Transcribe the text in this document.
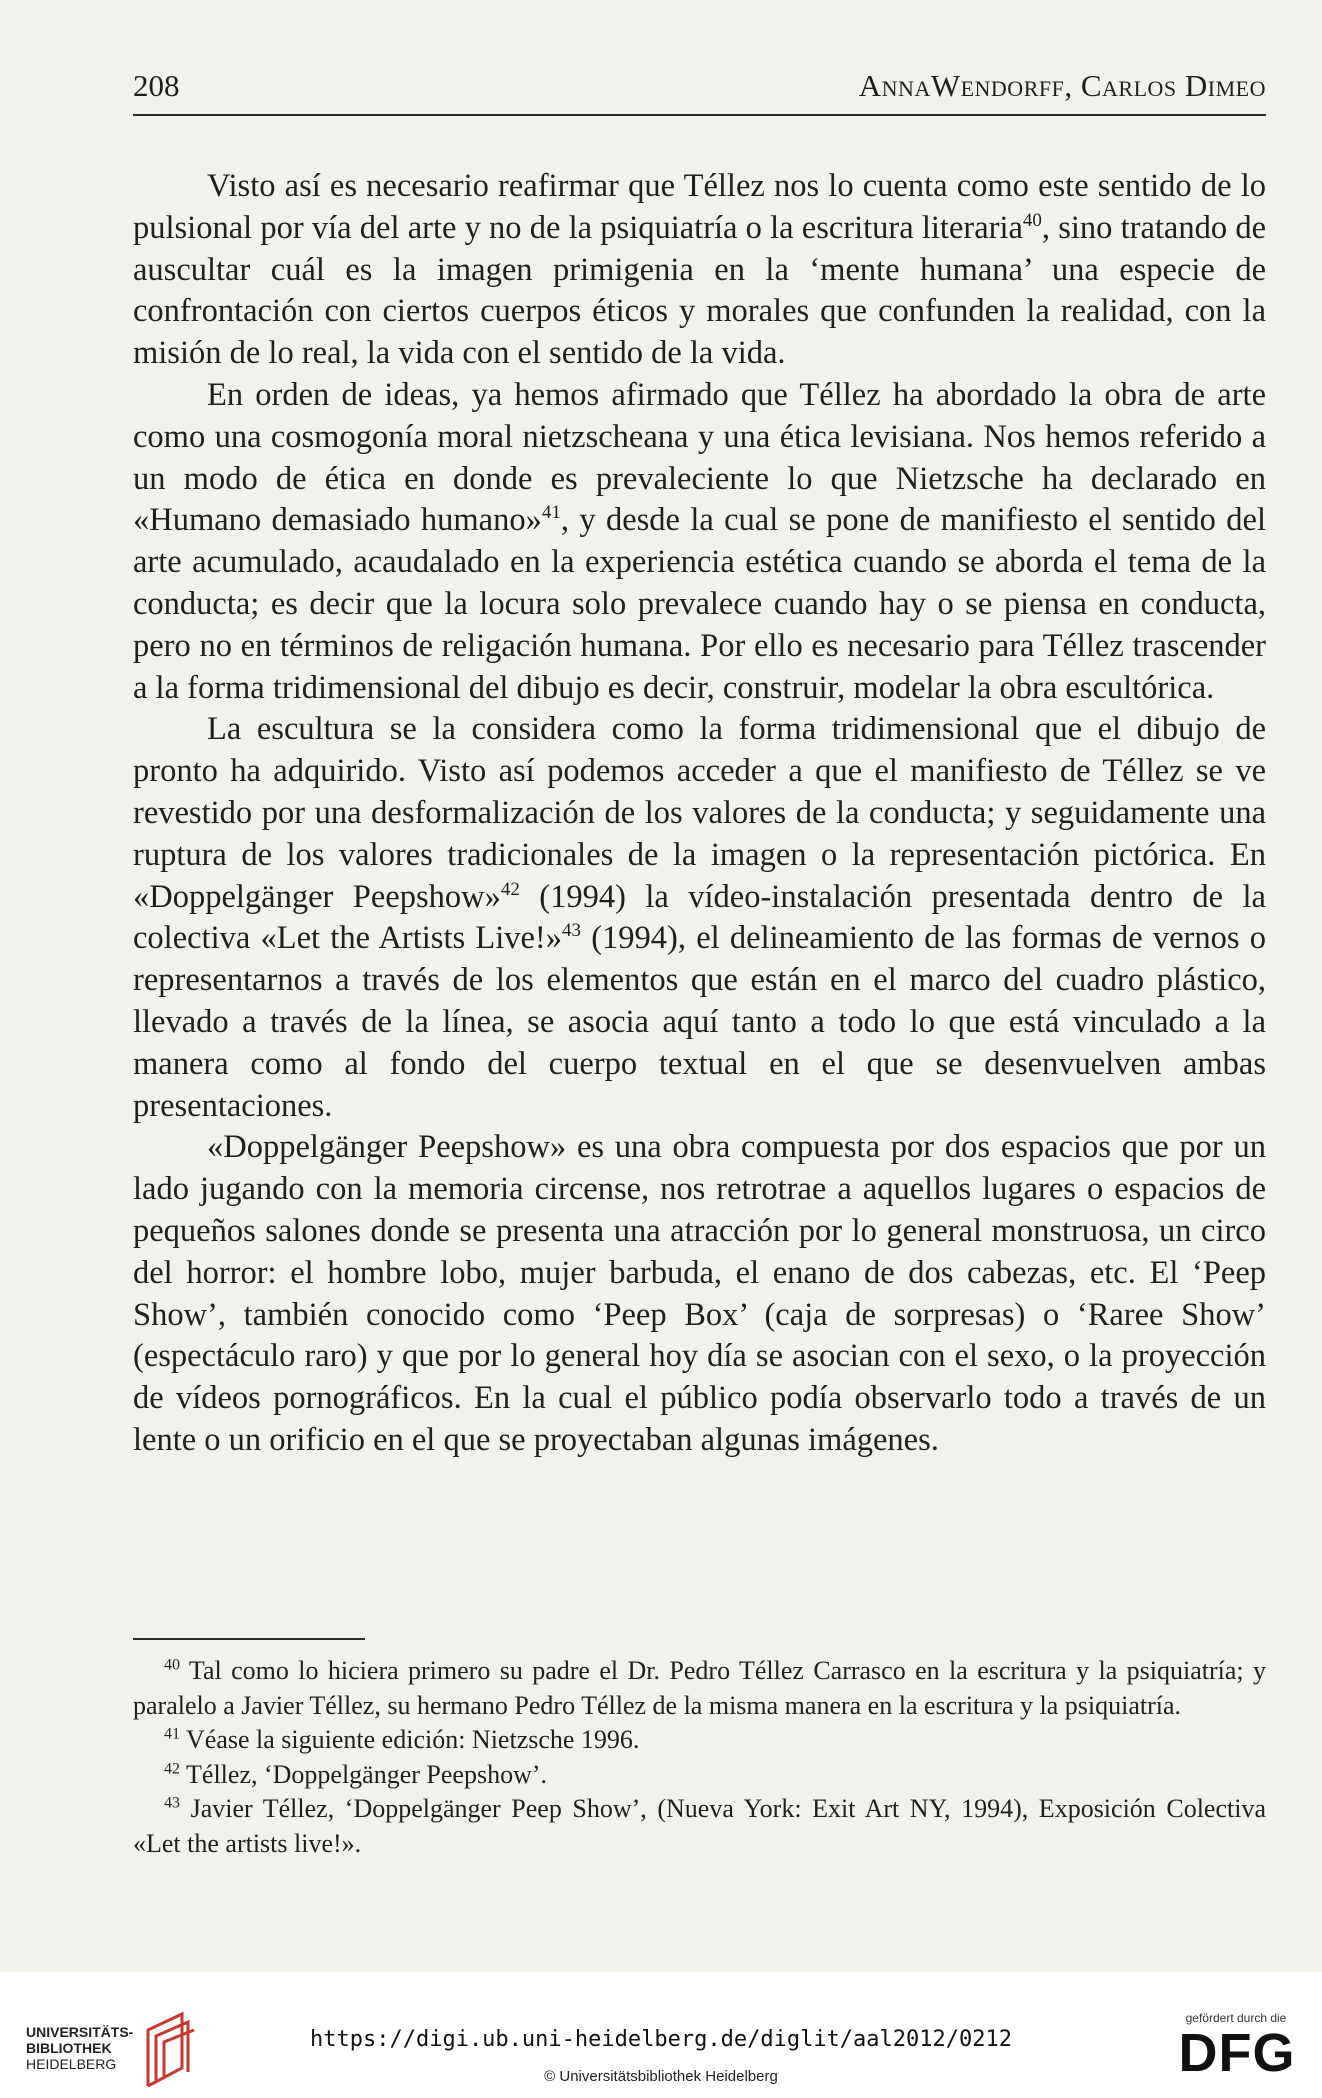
208	AnnaWendorff, Carlos Dimeo

Visto así es necesario reafirmar que Téllez nos lo cuenta como este sentido de lo pulsional por vía del arte y no de la psiquiatría o la escritura literaria$^{40}$, sino tratando de auscultar cuál es la imagen primigenia en la ‘mente humana’ una especie de confrontación con ciertos cuerpos éticos y morales que confunden la realidad, con la misión de lo real, la vida con el sentido de la vida.

En orden de ideas, ya hemos afirmado que Téllez ha abordado la obra de arte como una cosmogonía moral nietzscheana y una ética levisiana. Nos hemos referido a un modo de ética en donde es prevaleciente lo que Nietzsche ha declarado en «Humano demasiado humano»$^{41}$, y desde la cual se pone de manifiesto el sentido del arte acumulado, acaudalado en la experiencia estética cuando se aborda el tema de la conducta; es decir que la locura solo prevalece cuando hay o se piensa en conducta, pero no en términos de religación humana. Por ello es necesario para Téllez trascender a la forma tridimensional del dibujo es decir, construir, modelar la obra escultórica.

La escultura se la considera como la forma tridimensional que el dibujo de pronto ha adquirido. Visto así podemos acceder a que el manifiesto de Téllez se ve revestido por una desformalización de los valores de la conducta; y seguidamente una ruptura de los valores tradicionales de la imagen o la representación pictórica. En «Doppelgänger Peepshow»$^{42}$ (1994) la vídeo-instalación presentada dentro de la colectiva «Let the Artists Live!»$^{43}$ (1994), el delineamiento de las formas de vernos o representarnos a través de los elementos que están en el marco del cuadro plástico, llevado a través de la línea, se asocia aquí tanto a todo lo que está vinculado a la manera como al fondo del cuerpo textual en el que se desenvuelven ambas presentaciones.

«Doppelgänger Peepshow» es una obra compuesta por dos espacios que por un lado jugando con la memoria circense, nos retrotrae a aquellos lugares o espacios de pequeños salones donde se presenta una atracción por lo general monstruosa, un circo del horror: el hombre lobo, mujer barbuda, el enano de dos cabezas, etc. El ‘Peep Show’, también conocido como ‘Peep Box’ (caja de sorpresas) o ‘Raree Show’ (espectáculo raro) y que por lo general hoy día se asocian con el sexo, o la proyección de vídeos pornográficos. En la cual el público podía observarlo todo a través de un lente o un orificio en el que se proyectaban algunas imágenes.

$^{40}$ Tal como lo hiciera primero su padre el Dr. Pedro Téllez Carrasco en la escritura y la psiquiatría; y paralelo a Javier Téllez, su hermano Pedro Téllez de la misma manera en la escritura y la psiquiatría.

$^{41}$ Véase la siguiente edición: Nietzsche 1996.

$^{42}$ Téllez, ‘Doppelgänger Peepshow’.

$^{43}$ Javier Téllez, ‘Doppelgänger Peep Show’, (Nueva York: Exit Art NY, 1994), Exposición Colectiva «Let the artists live!».

UNIVERSITÄTS-
BIBLIOTHEK
HEIDELBERG
https://digi.ub.uni-heidelberg.de/diglit/aal2012/0212
© Universitätsbibliothek Heidelberg
gefördert durch die
DFG
